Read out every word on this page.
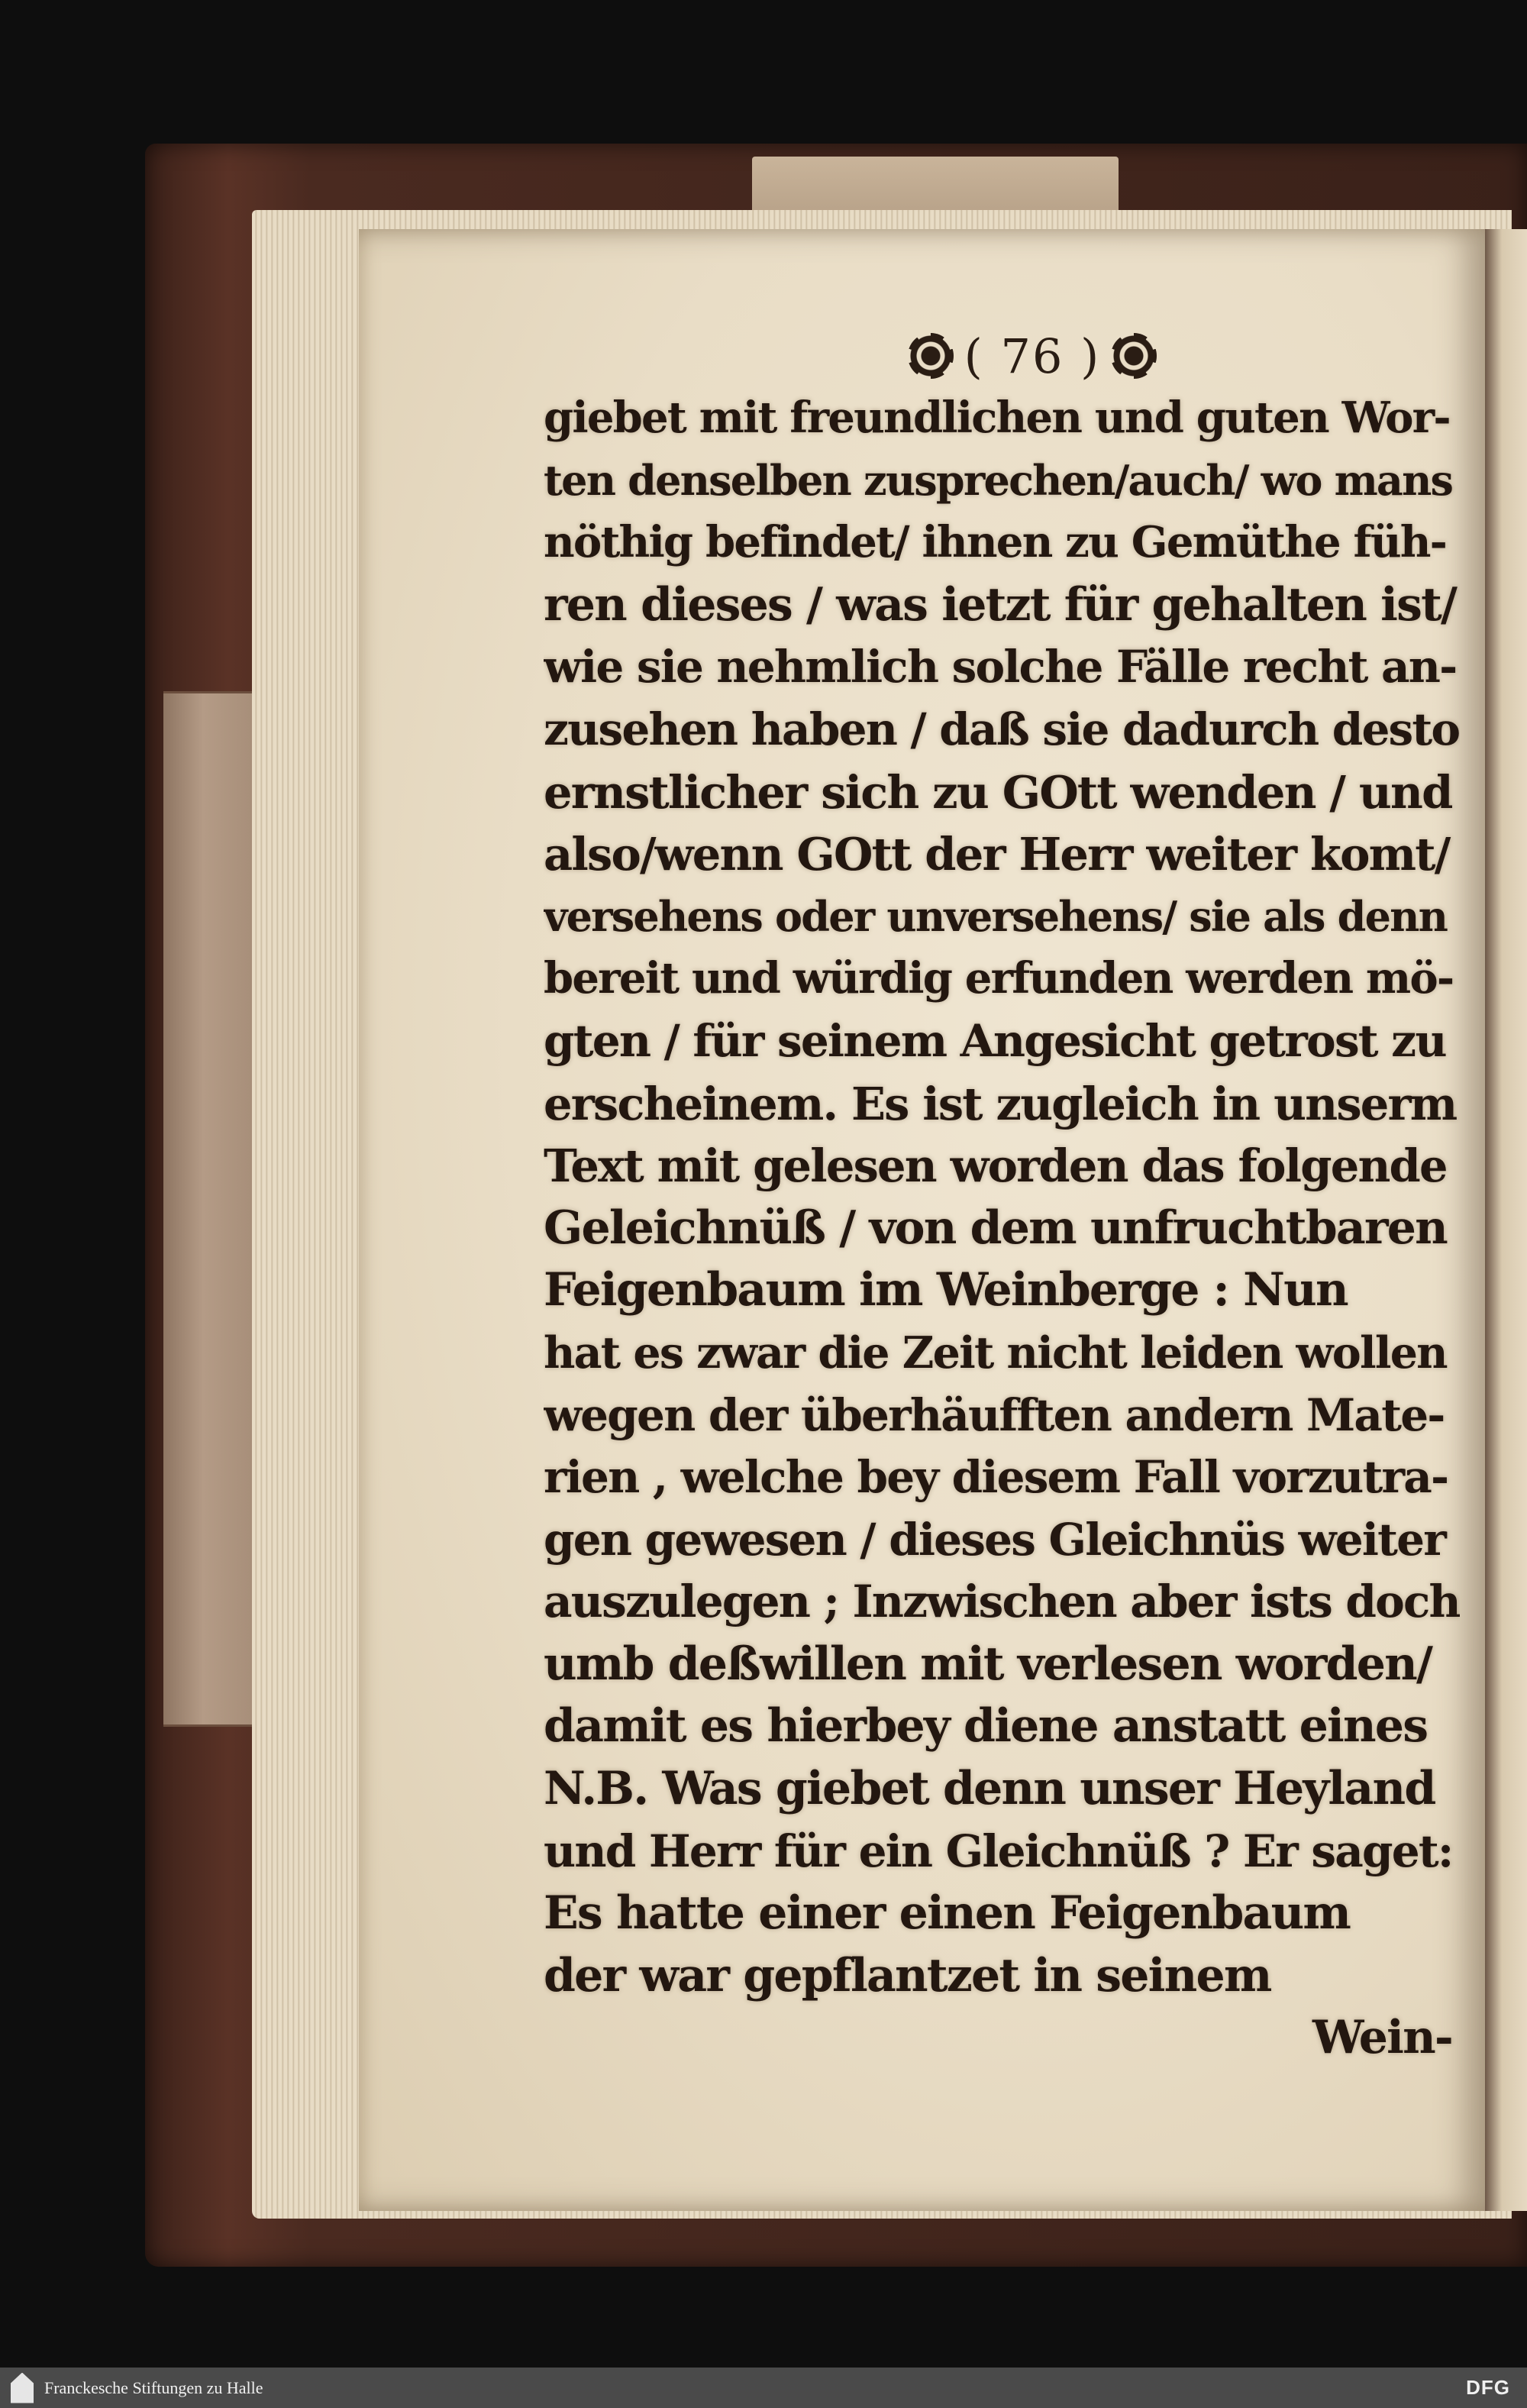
( 76 )
giebet mit freundlichen und guten Wor-
ten denselben zusprechen/auch/ wo mans
nöthig befindet/ ihnen zu Gemüthe füh-
ren dieses / was ietzt für gehalten ist/
wie sie nehmlich solche Fälle recht an-
zusehen haben / daß sie dadurch desto
ernstlicher sich zu GOtt wenden / und
also/wenn GOtt der Herr weiter komt/
versehens oder unversehens/ sie als denn
bereit und würdig erfunden werden mö-
gten / für seinem Angesicht getrost zu
erscheinem. Es ist zugleich in unserm
Text mit gelesen worden das folgende
Geleichnüß / von dem unfruchtbaren
Feigenbaum im Weinberge : Nun
hat es zwar die Zeit nicht leiden wollen
wegen der überhäufften andern Mate-
rien , welche bey diesem Fall vorzutra-
gen gewesen / dieses Gleichnüs weiter
auszulegen ; Inzwischen aber ists doch
umb deßwillen mit verlesen worden/
damit es hierbey diene anstatt eines
N.B. Was giebet denn unser Heyland
und Herr für ein Gleichnüß ? Er saget:
Es hatte einer einen Feigenbaum
der war gepflantzet in seinem
Wein-
Franckesche Stiftungen zu Halle	DFG
